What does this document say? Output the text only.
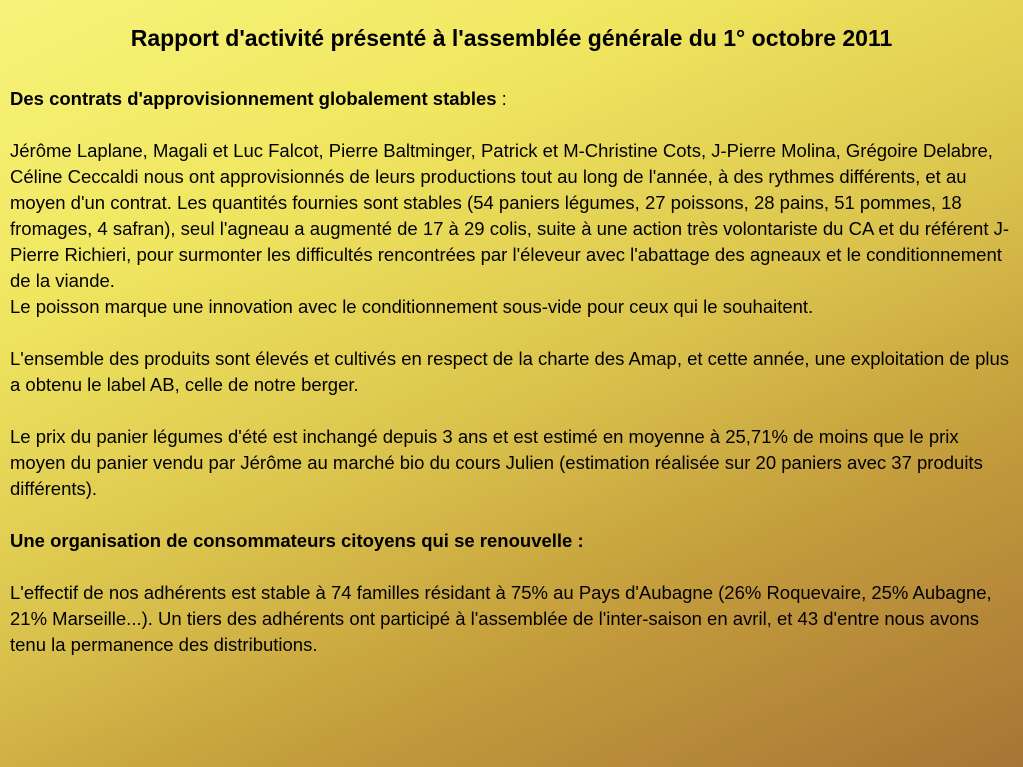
Rapport d'activité présenté à l'assemblée générale du 1° octobre 2011
Des contrats d'approvisionnement globalement stables :
Jérôme Laplane, Magali et Luc Falcot, Pierre Baltminger, Patrick et M-Christine Cots, J-Pierre Molina, Grégoire Delabre, Céline Ceccaldi nous ont approvisionnés de leurs productions tout au long de l'année, à des rythmes différents, et au moyen d'un contrat. Les quantités fournies sont stables (54 paniers légumes, 27 poissons, 28 pains, 51 pommes, 18 fromages, 4 safran), seul l'agneau a augmenté de 17 à 29 colis, suite à une action très volontariste du CA et du référent J-Pierre Richieri, pour surmonter les difficultés rencontrées par l'éleveur avec l'abattage des agneaux et le conditionnement de la viande.
Le poisson marque une innovation avec le conditionnement sous-vide pour ceux qui le souhaitent.
L'ensemble des produits sont élevés et cultivés en respect de la charte des Amap, et cette année, une exploitation de plus a obtenu le label AB, celle de notre berger.
Le prix du panier légumes d'été est inchangé depuis 3 ans et est estimé en moyenne à 25,71% de moins que le prix moyen du panier vendu par Jérôme au marché bio du cours Julien (estimation réalisée sur 20 paniers avec 37 produits différents).
Une organisation de consommateurs citoyens qui se renouvelle :
L'effectif de nos adhérents est stable à 74 familles résidant à 75% au Pays d'Aubagne (26% Roquevaire, 25% Aubagne, 21% Marseille...). Un tiers des adhérents ont participé à l'assemblée de l'inter-saison en avril, et 43 d'entre nous avons tenu la permanence des distributions.
